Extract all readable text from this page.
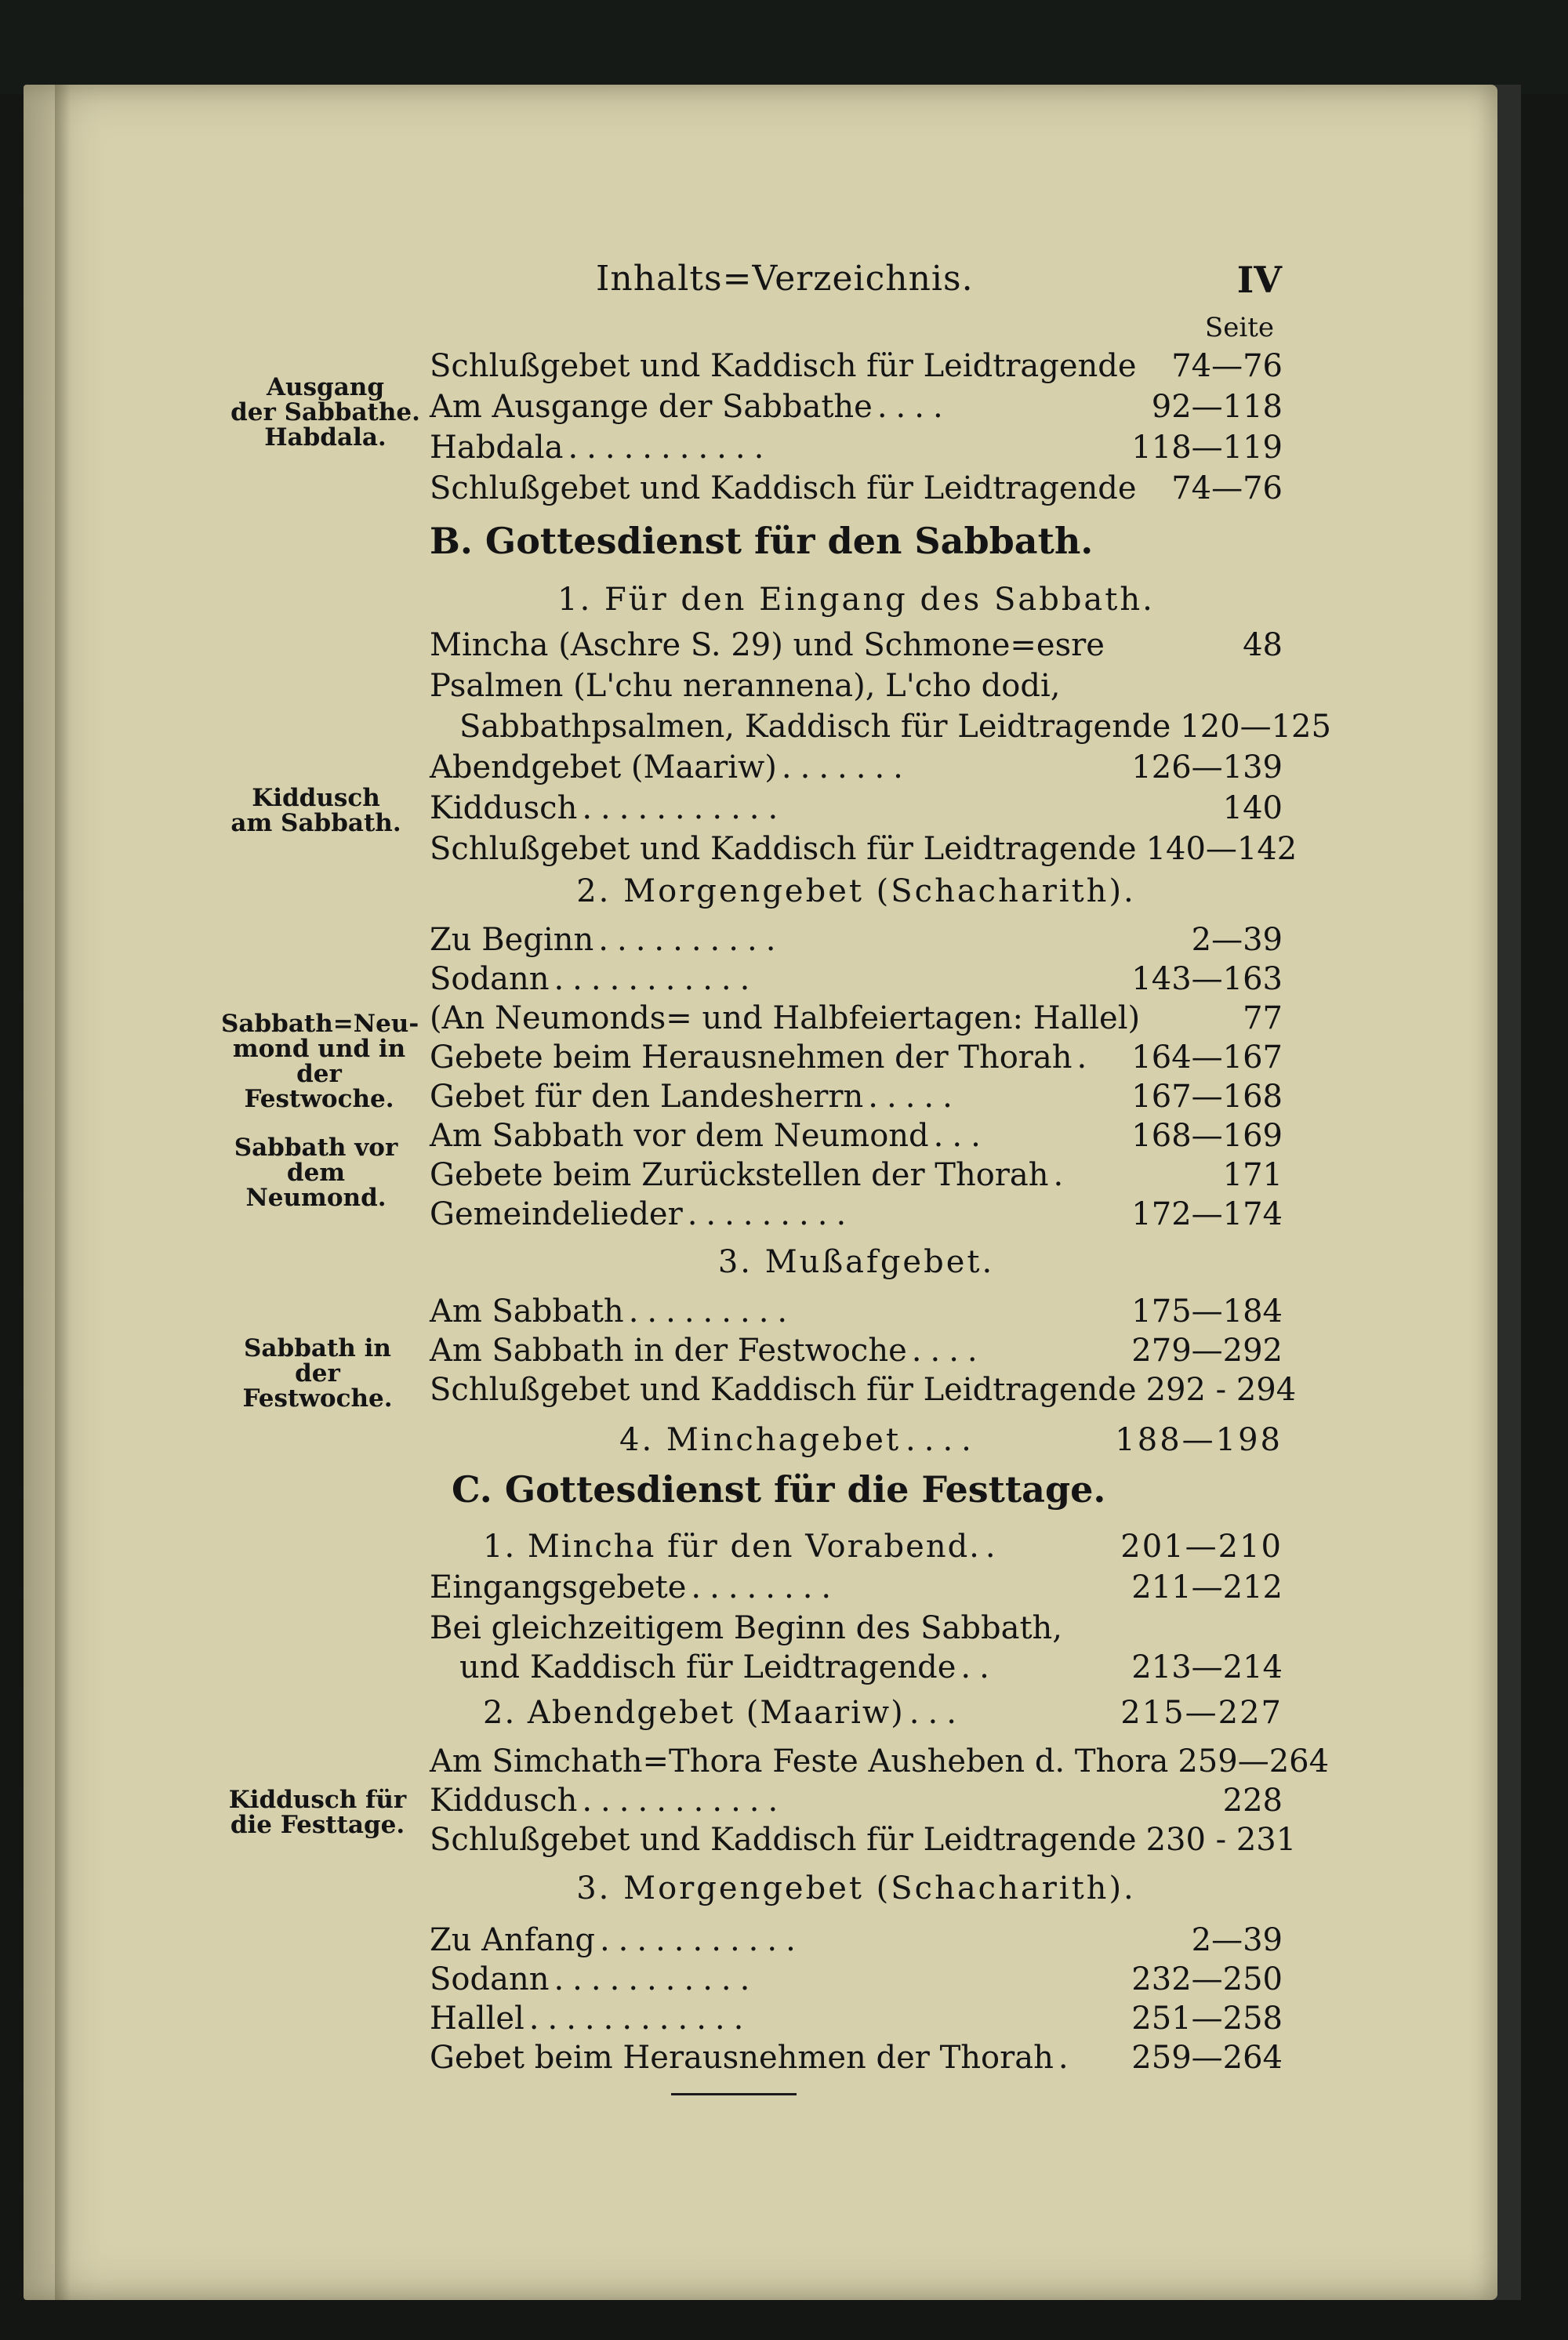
Inhalts=Verzeichnis.	IV
Seite
Ausgang
der Sabbathe.
Habdala.
Kiddusch
am Sabbath.
Sabbath=Neu-
mond und in
der Festwoche.
Sabbath vor
dem Neumond.
Sabbath in
der Festwoche.
Kiddusch für
die Festtage.
Schlußgebet und Kaddisch für Leidtragende 74—76
Am Ausgange der Sabbathe ....	92—118
Habdala ...........	118—119
Schlußgebet und Kaddisch für Leidtragende 74—76
B. Gottesdienst für den Sabbath.
1. Für den Eingang des Sabbath.
Mincha (Aschre S. 29) und Schmone=esre	48
Psalmen (L'chu nerannena), L'cho dodi,
Sabbathpsalmen, Kaddisch für Leidtragende 120—125
Abendgebet (Maariw) .......	126—139
Kiddusch ...........	140
Schlußgebet und Kaddisch für Leidtragende 140—142
2. Morgengebet (Schacharith).
Zu Beginn ..........	2—39
Sodann ...........	143—163
(An Neumonds= und Halbfeiertagen: Hallel)	77
Gebete beim Herausnehmen der Thorah .	164—167
Gebet für den Landesherrn .....	167—168
Am Sabbath vor dem Neumond ...	168—169
Gebete beim Zurückstellen der Thorah .	171
Gemeindelieder .........	172—174
3. Mußafgebet.
Am Sabbath .........	175—184
Am Sabbath in der Festwoche ....	279—292
Schlußgebet und Kaddisch für Leidtragende 292 - 294
4. Minchagebet ....	188—198
C. Gottesdienst für die Festtage.
1. Mincha für den Vorabend. .	201—210
Eingangsgebete ........	211—212
Bei gleichzeitigem Beginn des Sabbath,
und Kaddisch für Leidtragende ..	213—214
2. Abendgebet (Maariw) ...	215—227
Am Simchath=Thora Feste Ausheben d. Thora 259—264
Kiddusch ...........	228
Schlußgebet und Kaddisch für Leidtragende 230 - 231
3. Morgengebet (Schacharith).
Zu Anfang ...........	2—39
Sodann ...........	232—250
Hallel ............	251—258
Gebet beim Herausnehmen der Thorah .	259—264
